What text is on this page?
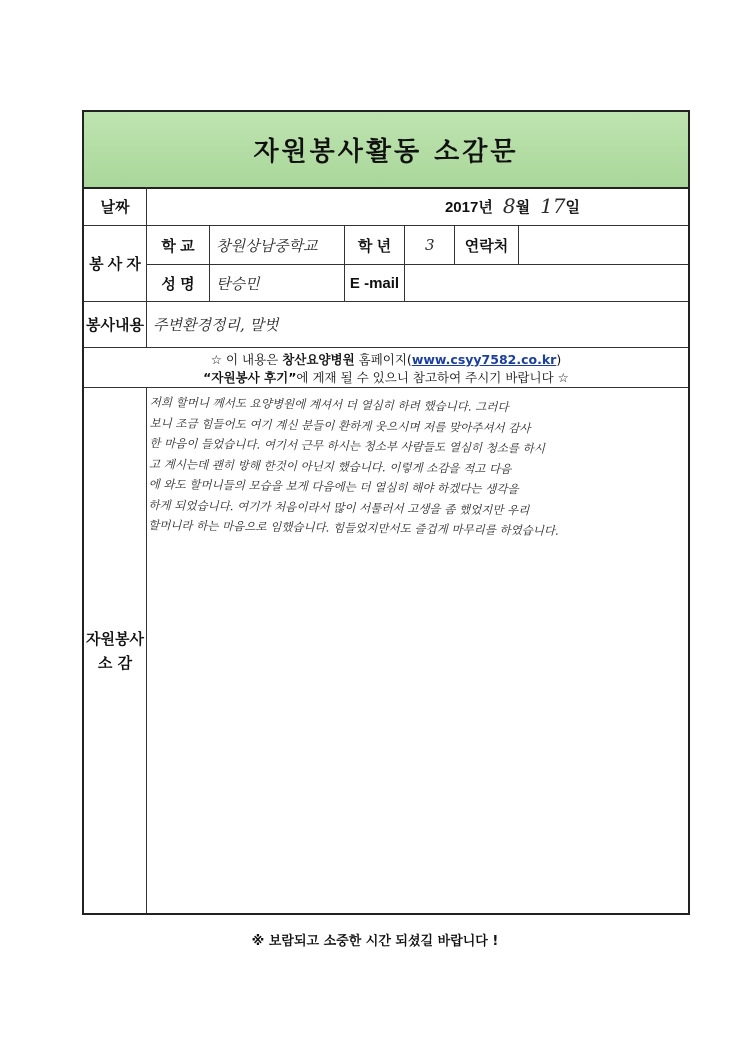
자원봉사활동 소감문
날짜	2017년 8 월 17 일
봉 사 자
학 교	창원상남중학교	학 년	3	연락처
성 명	탄승민	E -mail
봉사내용 주변환경정리, 말벗
☆ 이 내용은 창산요양병원 홈페이지(www.csyy7582.co.kr)
“자원봉사 후기”에 게재 될 수 있으니 참고하여 주시기 바랍니다 ☆
자원봉사
소 감
저희 할머니 께서도 요양병원에 계셔서 더 열심히 하려 했습니다. 그러다
보니 조금 힘들어도 여기 계신 분들이 환하게 웃으시며 저를 맞아주셔서 감사
한 마음이 들었습니다. 여기서 근무 하시는 청소부 사람들도 열심히 청소를 하시
고 계시는데 괜히 방해 한것이 아닌지 했습니다. 이렇게 소감을 적고 다음
에 와도 할머니들의 모습을 보게 다음에는 더 열심히 해야 하겠다는 생각을
하게 되었습니다. 여기가 처음이라서 많이 서툴러서 고생을 좀 했었지만 우리
할머니라 하는 마음으로 임했습니다. 힘들었지만서도 즐겁게 마무리를 하였습니다.
※ 보람되고 소중한 시간 되셨길 바랍니다 !
